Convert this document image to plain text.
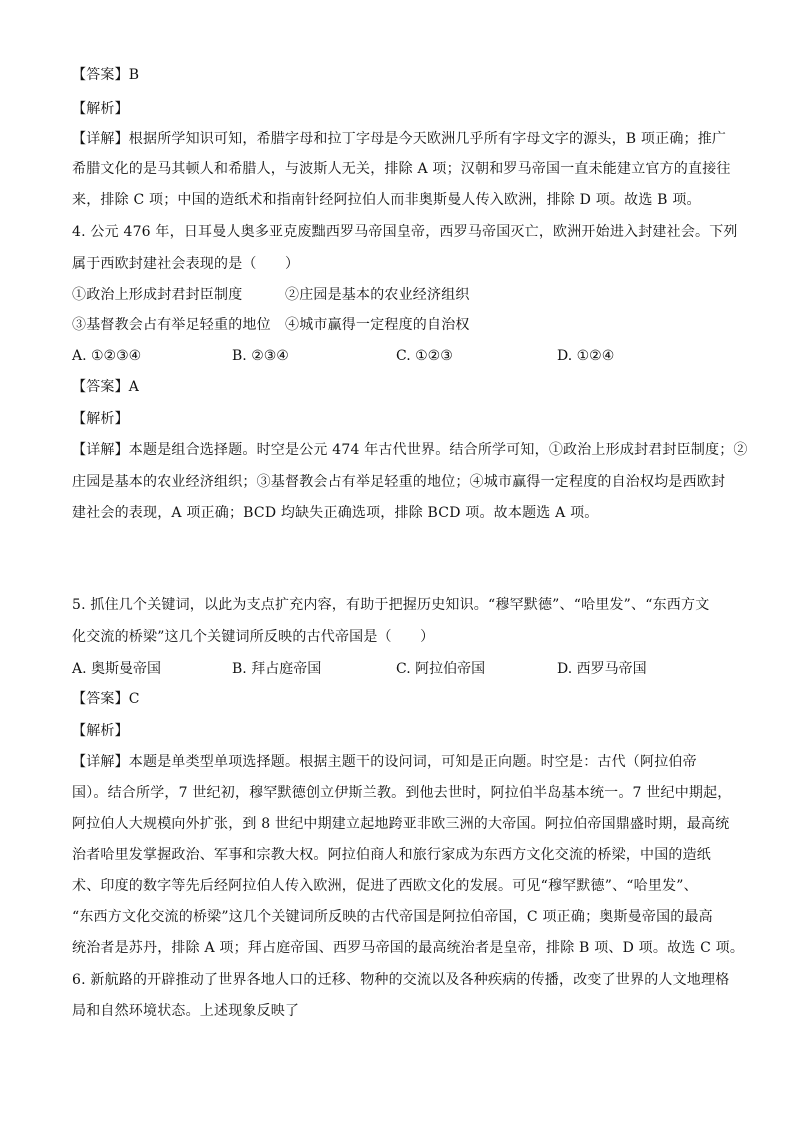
【答案】B
【解析】
【详解】根据所学知识可知，希腊字母和拉丁字母是今天欧洲几乎所有字母文字的源头，B 项正确；推广
希腊文化的是马其顿人和希腊人，与波斯人无关，排除 A 项；汉朝和罗马帝国一直未能建立官方的直接往
来，排除 C 项；中国的造纸术和指南针经阿拉伯人而非奥斯曼人传入欧洲，排除 D 项。故选 B 项。
4. 公元 476 年，日耳曼人奥多亚克废黜西罗马帝国皇帝，西罗马帝国灭亡，欧洲开始进入封建社会。下列
属于西欧封建社会表现的是（　　）
①政治上形成封君封臣制度　　　②庄园是基本的农业经济组织
③基督教会占有举足轻重的地位　④城市赢得一定程度的自治权
A. ①②③④	B. ②③④	C. ①②③	D. ①②④
【答案】A
【解析】
【详解】本题是组合选择题。时空是公元 474 年古代世界。结合所学可知，①政治上形成封君封臣制度；②
庄园是基本的农业经济组织；③基督教会占有举足轻重的地位；④城市赢得一定程度的自治权均是西欧封
建社会的表现，A 项正确；BCD 均缺失正确选项，排除 BCD 项。故本题选 A 项。
5. 抓住几个关键词，以此为支点扩充内容，有助于把握历史知识。“穆罕默德”、“哈里发”、“东西方文
化交流的桥梁”这几个关键词所反映的古代帝国是（　　）
A. 奥斯曼帝国	B. 拜占庭帝国	C. 阿拉伯帝国	D. 西罗马帝国
【答案】C
【解析】
【详解】本题是单类型单项选择题。根据主题干的设问词，可知是正向题。时空是：古代（阿拉伯帝
国）。结合所学，7 世纪初，穆罕默德创立伊斯兰教。到他去世时，阿拉伯半岛基本统一。7 世纪中期起，
阿拉伯人大规模向外扩张，到 8 世纪中期建立起地跨亚非欧三洲的大帝国。阿拉伯帝国鼎盛时期，最高统
治者哈里发掌握政治、军事和宗教大权。阿拉伯商人和旅行家成为东西方文化交流的桥梁，中国的造纸
术、印度的数字等先后经阿拉伯人传入欧洲，促进了西欧文化的发展。可见“穆罕默德”、“哈里发”、
“东西方文化交流的桥梁”这几个关键词所反映的古代帝国是阿拉伯帝国，C 项正确；奥斯曼帝国的最高
统治者是苏丹，排除 A 项；拜占庭帝国、西罗马帝国的最高统治者是皇帝，排除 B 项、D 项。故选 C 项。
6. 新航路的开辟推动了世界各地人口的迁移、物种的交流以及各种疾病的传播，改变了世界的人文地理格
局和自然环境状态。上述现象反映了
